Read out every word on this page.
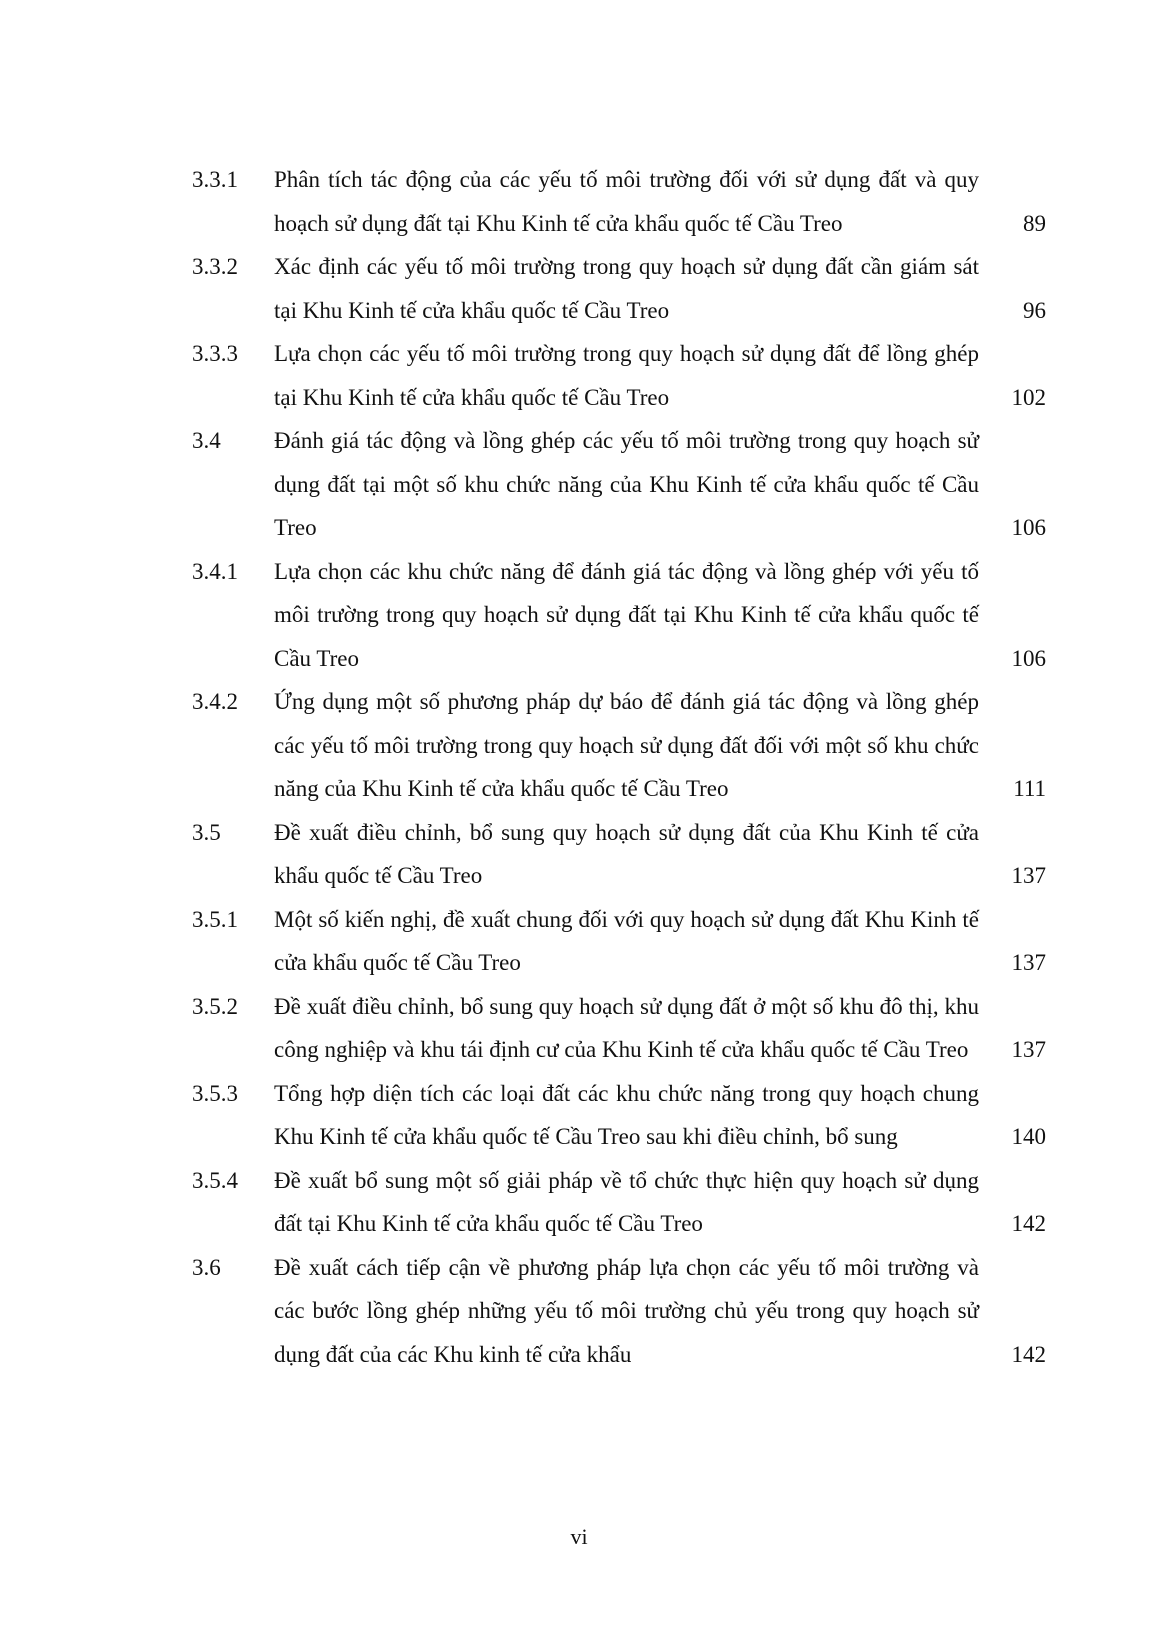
3.3.1 Phân tích tác động của các yếu tố môi trường đối với sử dụng đất và quy hoạch sử dụng đất tại Khu Kinh tế cửa khẩu quốc tế Cầu Treo	89
3.3.2 Xác định các yếu tố môi trường trong quy hoạch sử dụng đất cần giám sát tại Khu Kinh tế cửa khẩu quốc tế Cầu Treo	96
3.3.3 Lựa chọn các yếu tố môi trường trong quy hoạch sử dụng đất để lồng ghép tại Khu Kinh tế cửa khẩu quốc tế Cầu Treo	102
3.4 Đánh giá tác động và lồng ghép các yếu tố môi trường trong quy hoạch sử dụng đất tại một số khu chức năng của Khu Kinh tế cửa khẩu quốc tế Cầu Treo	106
3.4.1 Lựa chọn các khu chức năng để đánh giá tác động và lồng ghép với yếu tố môi trường trong quy hoạch sử dụng đất tại Khu Kinh tế cửa khẩu quốc tế Cầu Treo	106
3.4.2 Ứng dụng một số phương pháp dự báo để đánh giá tác động và lồng ghép các yếu tố môi trường trong quy hoạch sử dụng đất đối với một số khu chức năng của Khu Kinh tế cửa khẩu quốc tế Cầu Treo	111
3.5 Đề xuất điều chỉnh, bổ sung quy hoạch sử dụng đất của Khu Kinh tế cửa khẩu quốc tế Cầu Treo	137
3.5.1 Một số kiến nghị, đề xuất chung đối với quy hoạch sử dụng đất Khu Kinh tế cửa khẩu quốc tế Cầu Treo	137
3.5.2 Đề xuất điều chỉnh, bổ sung quy hoạch sử dụng đất ở một số khu đô thị, khu công nghiệp và khu tái định cư của Khu Kinh tế cửa khẩu quốc tế Cầu Treo	137
3.5.3 Tổng hợp diện tích các loại đất các khu chức năng trong quy hoạch chung Khu Kinh tế cửa khẩu quốc tế Cầu Treo sau khi điều chỉnh, bổ sung	140
3.5.4 Đề xuất bổ sung một số giải pháp về tổ chức thực hiện quy hoạch sử dụng đất tại Khu Kinh tế cửa khẩu quốc tế Cầu Treo	142
3.6 Đề xuất cách tiếp cận về phương pháp lựa chọn các yếu tố môi trường và các bước lồng ghép những yếu tố môi trường chủ yếu trong quy hoạch sử dụng đất của các Khu kinh tế cửa khẩu	142
vi
